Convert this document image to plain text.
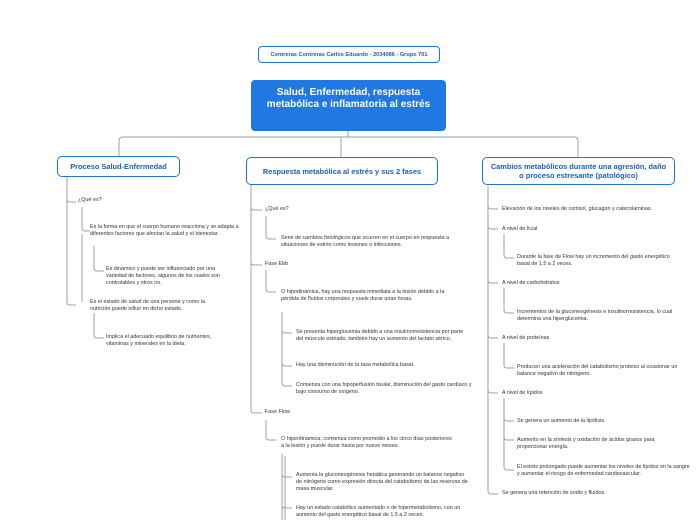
Contreras Contreras Carlos Eduardo - 2034086 - Grupo 701
Salud, Enfermedad, respuesta metabólica e inflamatoria al estrés
Proceso Salud-Enfermedad	Respuesta metabólica al estrés y sus 2 fases	Cambios metabólicos durante una agresión, daño o proceso estresante (patológico)
¿Qué es?
Es la forma en que el cuerpo humano reacciona y se adapta a diferentes factores que afectan la salud y el bienestar.
Es dinámico y puede ser influenciado por una variedad de factores, algunos de los cuales son controlables y otros no.
Es el estado de salud de una persona y como la nutrición puede influir en dicho estado.
Implica el adecuado equilibrio de nutrientes, vitaminas y minerales en la dieta.
¿Qué es?
Serie de cambios fisiológicos que ocurren en el cuerpo en respuesta a situaciones de estrés como lesiones o infecciones.
Fase Ebb
O hipodinámica, hay una respuesta inmediata a la lesión debido a la pérdida de fluidos corporales y suele durar unas horas.
Se presenta hiperglucemia debido a una insulinorresistencia por parte del músculo estriado, también hay un aumento del lactato sérico.
Hay una disminución de la tasa metabólica basal.
Comienza con una hipoperfusión tisular, disminución del gasto cardíaco y bajo consumo de oxígeno.
Fase Flow
O hiperdinámica, comienza como promedio a los cinco días posteriores a la lesión y puede durar hasta por nueve meses.
Aumenta la gluconeogénesis hepática generando un balance negativo de nitrógeno como expresión directa del catabolismo de las reservas de masa muscular.
Hay un estado catabólico aumentado o de hipermetabolismo, con un aumento del gasto energético basal de 1.5 a 2 veces.
Elevación de los niveles de cortisol, glucagón y catecolaminas.
A nivel de Kcal
Durante la fase de Flow hay un incremento del gasto energético basal de 1.5 a 2 veces.
A nivel de carbohidratos
Incrementos de la gluconeogénesis e insulinorresistencia, lo cual determina una hiperglucemia.
A nivel de proteínas
Producen una aceleración del catabolismo proteico al ocasionar un balance negativo de nitrógeno.
A nivel de lípidos
Se genera un aumento de la lipólisis.
Aumento en la síntesis y oxidación de ácidos grasos para proporcionar energía.
El estrés prolongado puede aumentar los niveles de lípidos en la sangre y aumentar el riesgo de enfermedad cardiovascular.
Se genera una retención de sodio y fluidos.
